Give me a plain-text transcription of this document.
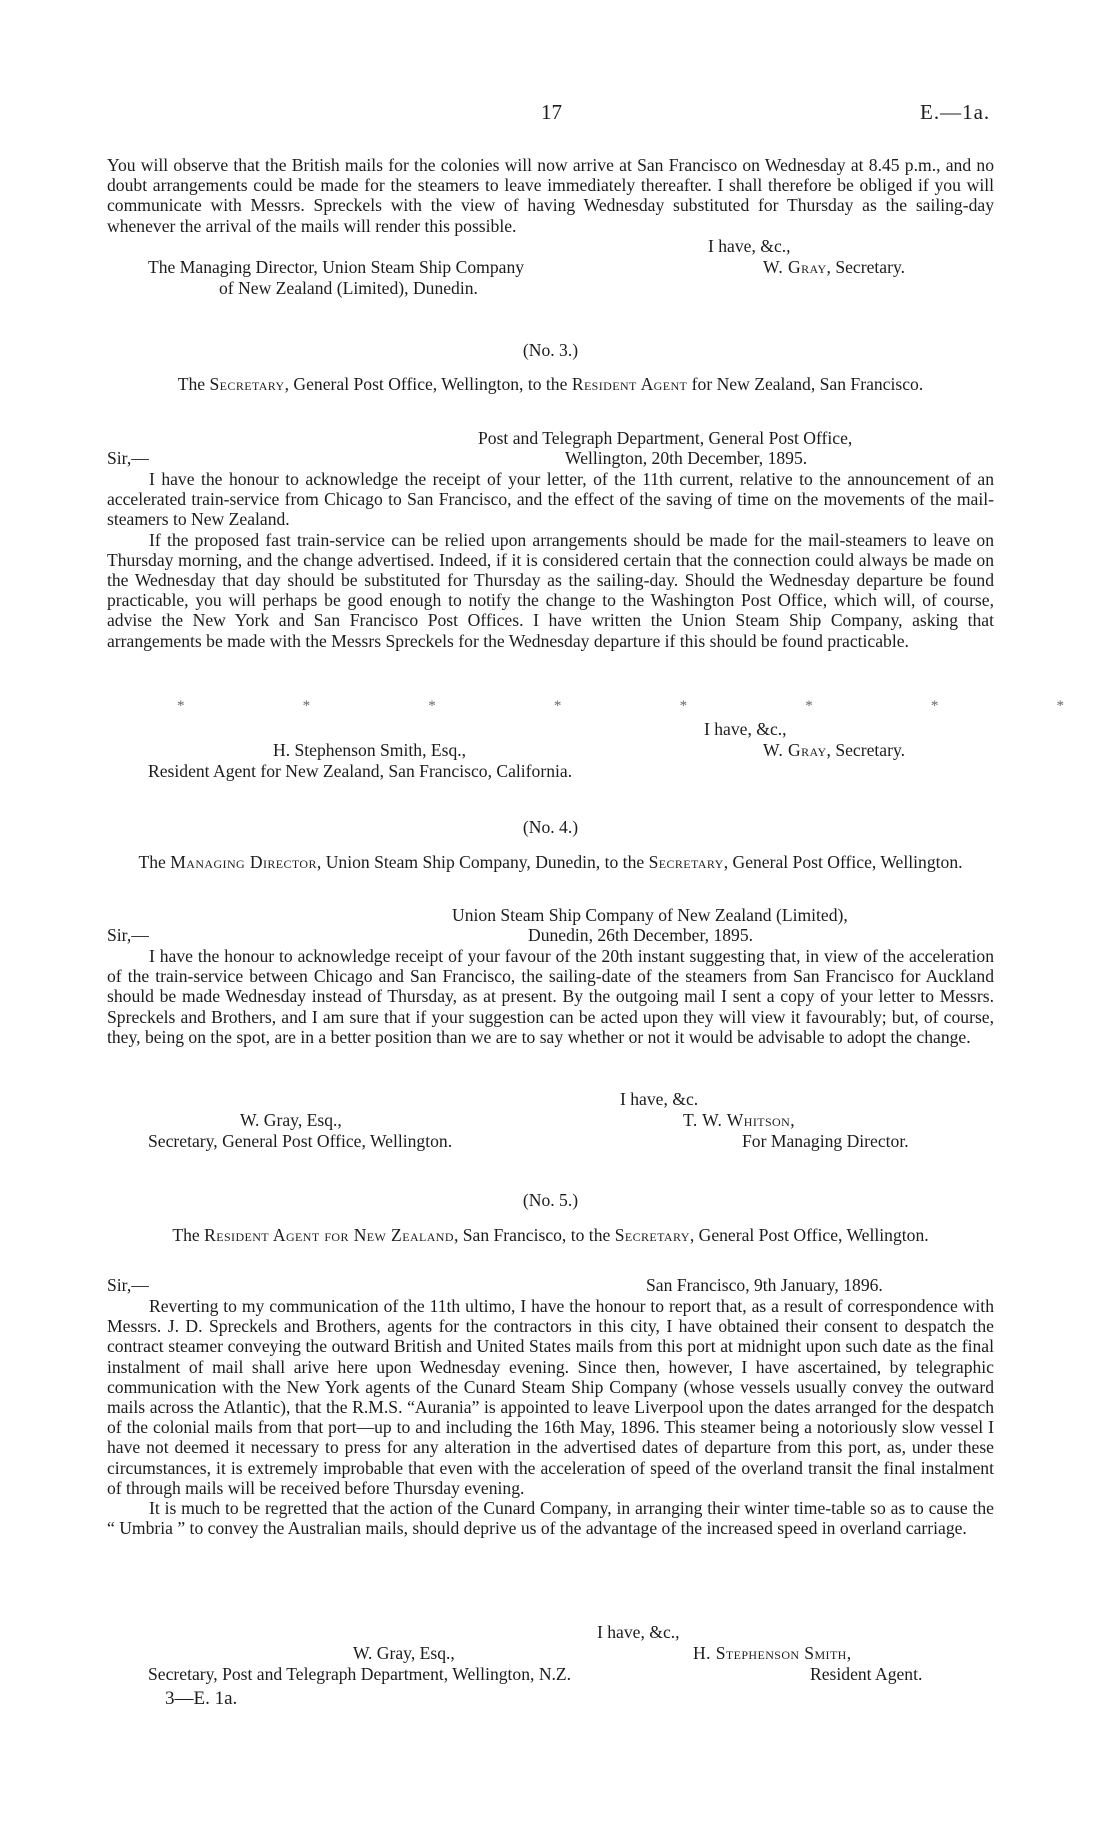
17	E.—1a.

You will observe that the British mails for the colonies will now arrive at San Francisco on Wednesday at 8.45 p.m., and no doubt arrangements could be made for the steamers to leave immediately thereafter. I shall therefore be obliged if you will communicate with Messrs. Spreckels with the view of having Wednesday substituted for Thursday as the sailing-day whenever the arrival of the mails will render this possible.

I have, &c.,
The Managing Director, Union Steam Ship Company	W. Gray, Secretary.
of New Zealand (Limited), Dunedin.
(No. 3.)

The Secretary, General Post Office, Wellington, to the Resident Agent for New Zealand, San Francisco.

Post and Telegraph Department, General Post Office,
Sir,—	Wellington, 20th December, 1895.

I have the honour to acknowledge the receipt of your letter, of the 11th current, relative to the announcement of an accelerated train-service from Chicago to San Francisco, and the effect of the saving of time on the movements of the mail-steamers to New Zealand.

If the proposed fast train-service can be relied upon arrangements should be made for the mail-steamers to leave on Thursday morning, and the change advertised. Indeed, if it is considered certain that the connection could always be made on the Wednesday that day should be substituted for Thursday as the sailing-day. Should the Wednesday departure be found practicable, you will perhaps be good enough to notify the change to the Washington Post Office, which will, of course, advise the New York and San Francisco Post Offices. I have written the Union Steam Ship Company, asking that arrangements be made with the Messrs Spreckels for the Wednesday departure if this should be found practicable.

*	*	*	*	*	*	*	*
I have, &c.,
H. Stephenson Smith, Esq.,	W. Gray, Secretary.
Resident Agent for New Zealand, San Francisco, California.
(No. 4.)

The Managing Director, Union Steam Ship Company, Dunedin, to the Secretary, General Post Office, Wellington.

Union Steam Ship Company of New Zealand (Limited),
Sir,—	Dunedin, 26th December, 1895.

I have the honour to acknowledge receipt of your favour of the 20th instant suggesting that, in view of the acceleration of the train-service between Chicago and San Francisco, the sailing-date of the steamers from San Francisco for Auckland should be made Wednesday instead of Thursday, as at present. By the outgoing mail I sent a copy of your letter to Messrs. Spreckels and Brothers, and I am sure that if your suggestion can be acted upon they will view it favourably; but, of course, they, being on the spot, are in a better position than we are to say whether or not it would be advisable to adopt the change.

I have, &c.
W. Gray, Esq.,	T. W. Whitson,
Secretary, General Post Office, Wellington.	For Managing Director.
(No. 5.)

The Resident Agent for New Zealand, San Francisco, to the Secretary, General Post Office, Wellington.

Sir,—	San Francisco, 9th January, 1896.

Reverting to my communication of the 11th ultimo, I have the honour to report that, as a result of correspondence with Messrs. J. D. Spreckels and Brothers, agents for the contractors in this city, I have obtained their consent to despatch the contract steamer conveying the outward British and United States mails from this port at midnight upon such date as the final instalment of mail shall arive here upon Wednesday evening. Since then, however, I have ascertained, by telegraphic communication with the New York agents of the Cunard Steam Ship Company (whose vessels usually convey the outward mails across the Atlantic), that the R.M.S. “Aurania” is appointed to leave Liverpool upon the dates arranged for the despatch of the colonial mails from that port—up to and including the 16th May, 1896. This steamer being a notoriously slow vessel I have not deemed it necessary to press for any alteration in the advertised dates of departure from this port, as, under these circumstances, it is extremely improbable that even with the acceleration of speed of the overland transit the final instalment of through mails will be received before Thursday evening.

It is much to be regretted that the action of the Cunard Company, in arranging their winter time-table so as to cause the “ Umbria ” to convey the Australian mails, should deprive us of the advantage of the increased speed in overland carriage.

I have, &c.,
W. Gray, Esq.,	H. Stephenson Smith,
Secretary, Post and Telegraph Department, Wellington, N.Z.	Resident Agent.
3—E. 1a.
